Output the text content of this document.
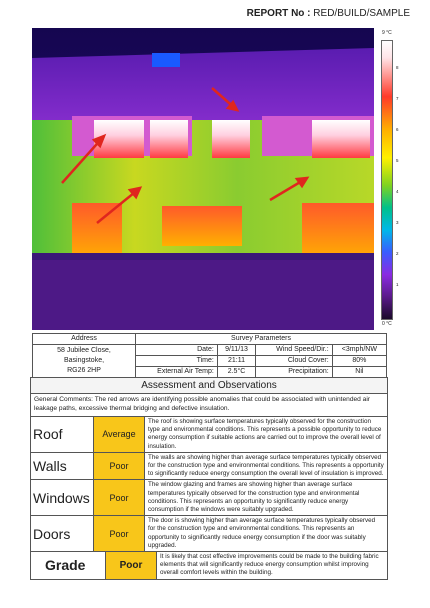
REPORT No : RED/BUILD/SAMPLE
9 °C
8
7
6
5
4
3
2
1
0 °C
Address	Survey Parameters			

58 Jubilee Close,
Basingstoke,
RG26 2HP	Date:	9/11/13	Wind Speed/Dir.:	<3mph/NW
	Time:	21:11	Cloud Cover:	80%
	External Air Temp:	2.5°C	Precipitation:	Nil
Assessment and Observations
General Comments: The red arrows are identifying possible anomalies that could be associated with unintended air leakage paths, excessive thermal bridging and defective insulation.
Roof	Average
The roof is showing surface temperatures typically observed for the construction type and environmental conditions. This represents a possible opportunity to reduce energy consumption if suitable actions are carried out to improve the overall level of insulation.
Walls	Poor
The walls are showing higher than average surface temperatures typically observed for the construction type and environmental conditions. This represents a opportunity to significantly reduce energy consumption the overall level of insulation is improved.
Windows	Poor
The window glazing and frames are showing higher than average surface temperatures typically observed for the construction type and environmental conditions. This represents an opportunity to significantly reduce energy consumption if the windows were suitably upgraded.
Doors	Poor
The door is showing higher than average surface temperatures typically observed for the construction type and environmental conditions. This represents an opportunity to significantly reduce energy consumption if the door was suitably upgraded.
Grade	Poor
It is likely that cost effective improvements could be made to the building fabric elements that will significantly reduce energy consumption whilst improving overall comfort levels within the building.
